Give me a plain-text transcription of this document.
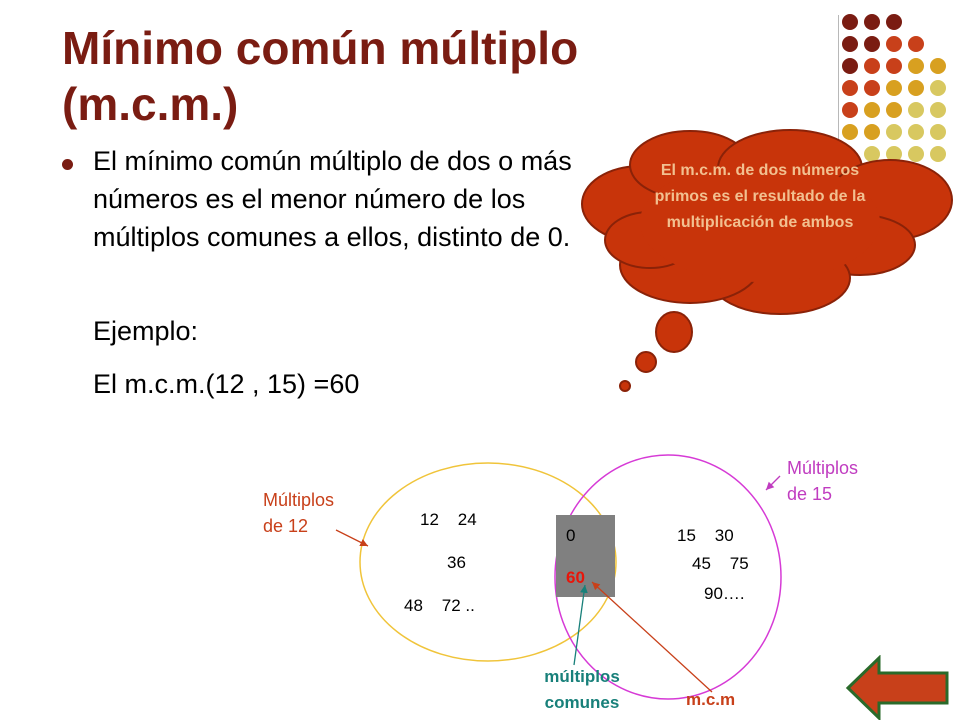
Mínimo común múltiplo
(m.c.m.)
El mínimo común múltiplo de dos o más números es el menor número de los múltiplos comunes a ellos, distinto de 0.
Ejemplo:
El m.c.m.(12 , 15) =60
El m.c.m. de dos números primos es el resultado de la multiplicación de ambos
Múltiplos
de 12
Múltiplos
de 15
12    24
36
48    72 ..
0
60
15    30
45    75
90….
múltiplos
comunes	m.c.m
